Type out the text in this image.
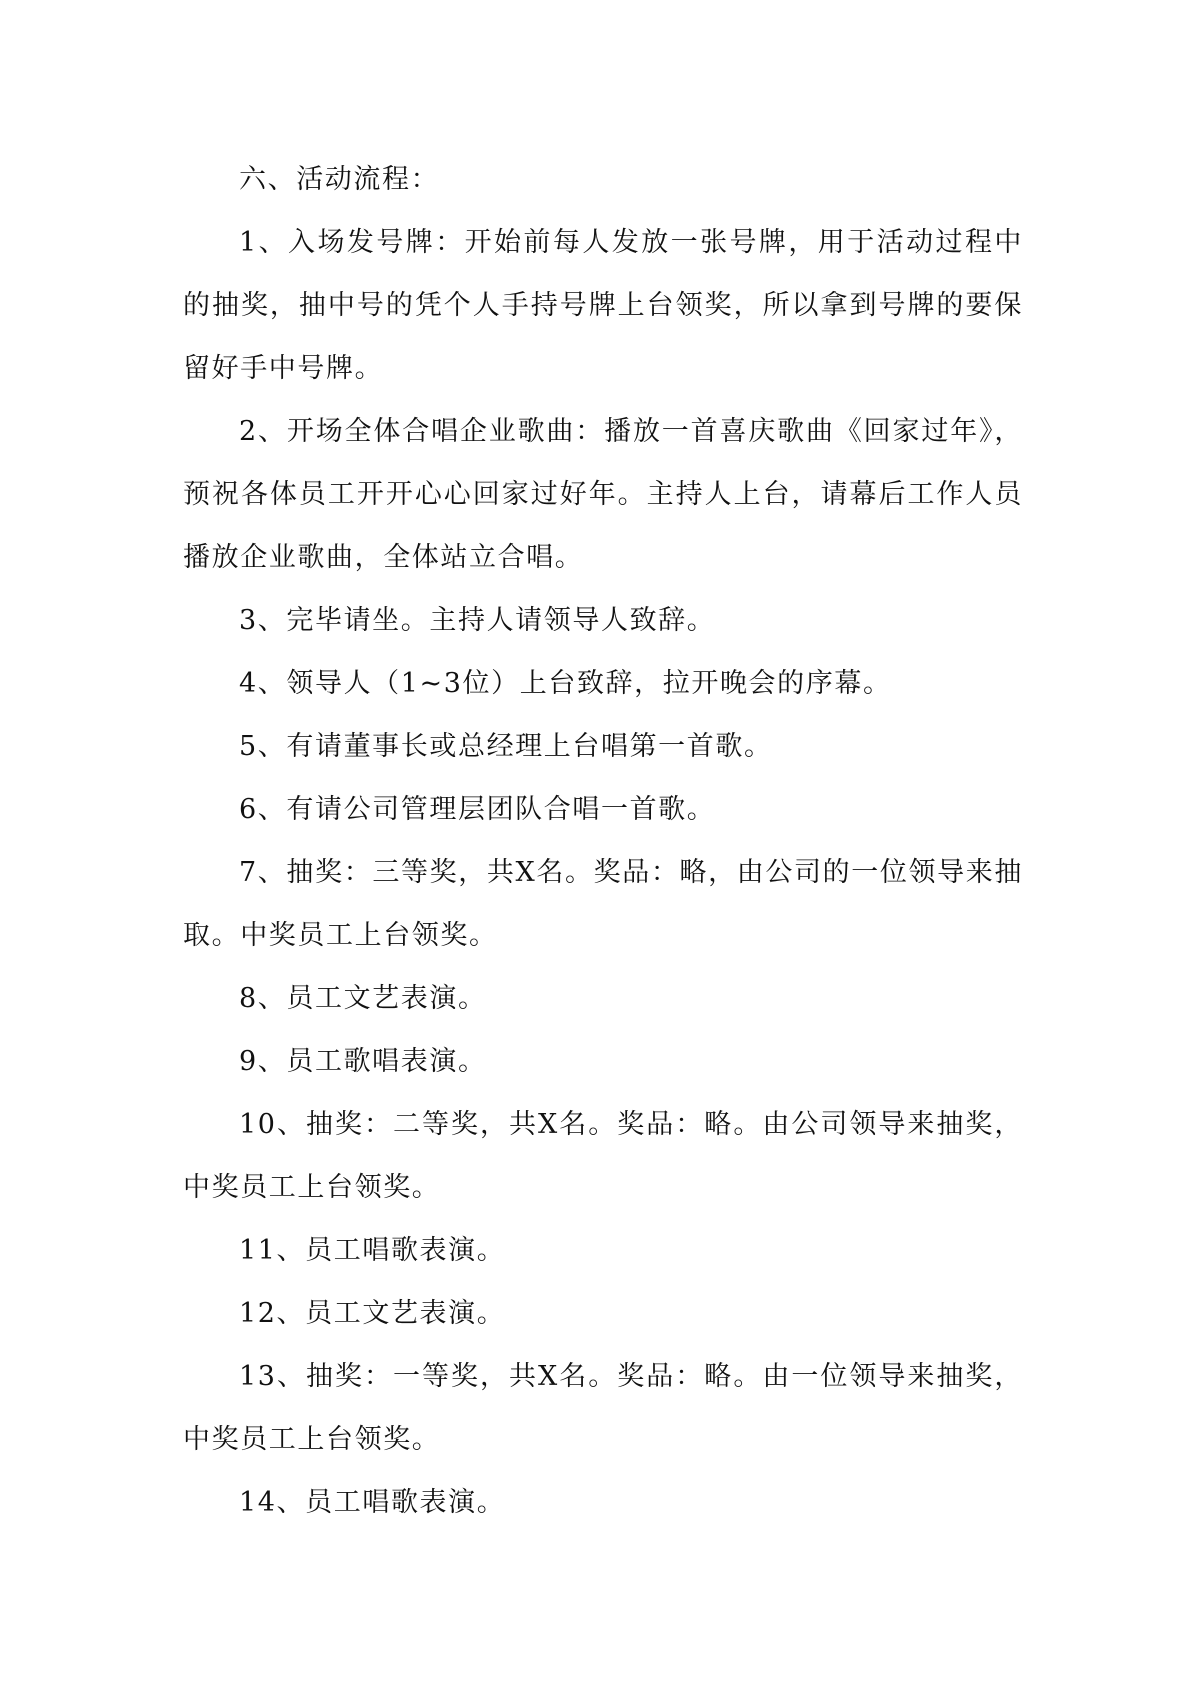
六、活动流程：

1、入场发号牌：开始前每人发放一张号牌，用于活动过程中的抽奖，抽中号的凭个人手持号牌上台领奖，所以拿到号牌的要保留好手中号牌。

2、开场全体合唱企业歌曲：播放一首喜庆歌曲《回家过年》，预祝各体员工开开心心回家过好年。主持人上台，请幕后工作人员播放企业歌曲，全体站立合唱。

3、完毕请坐。主持人请领导人致辞。

4、领导人（1~3位）上台致辞，拉开晚会的序幕。

5、有请董事长或总经理上台唱第一首歌。

6、有请公司管理层团队合唱一首歌。

7、抽奖：三等奖，共X名。奖品：略，由公司的一位领导来抽取。中奖员工上台领奖。

8、员工文艺表演。

9、员工歌唱表演。

10、抽奖：二等奖，共X名。奖品：略。由公司领导来抽奖，中奖员工上台领奖。

11、员工唱歌表演。

12、员工文艺表演。

13、抽奖：一等奖，共X名。奖品：略。由一位领导来抽奖，中奖员工上台领奖。

14、员工唱歌表演。
